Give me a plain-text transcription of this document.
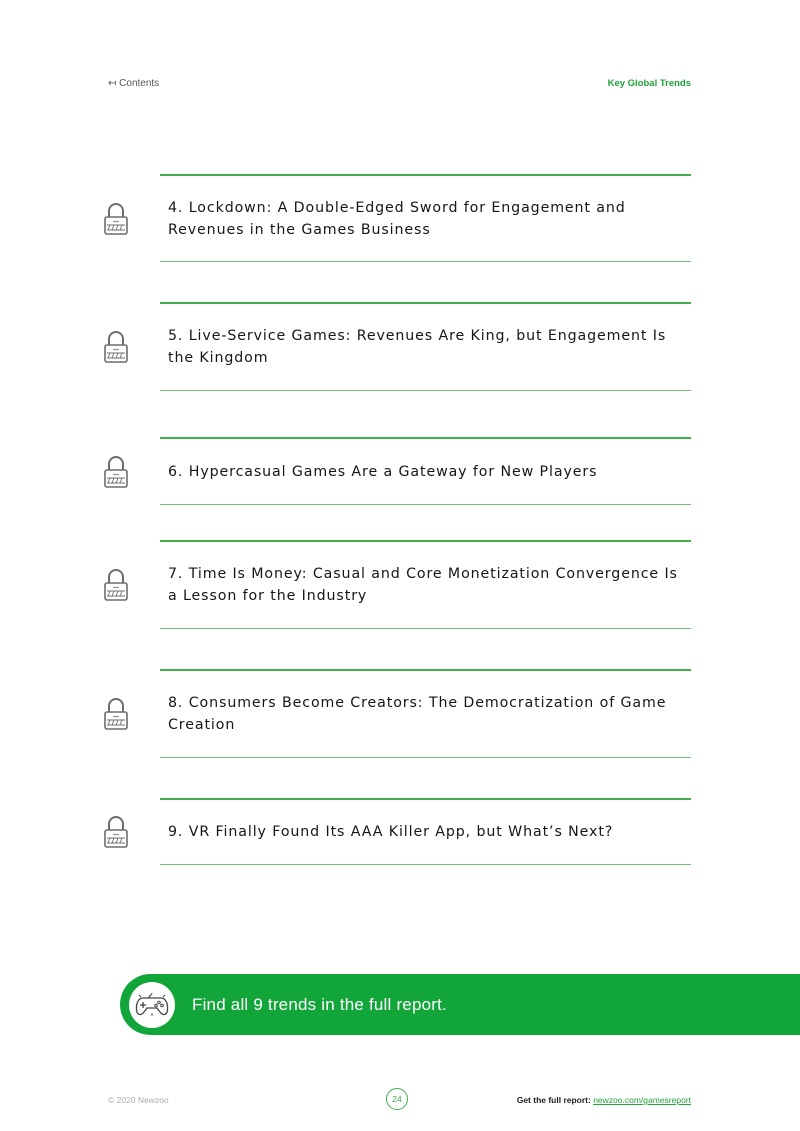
↤ Contents	Key Global Trends
4. Lockdown: A Double-Edged Sword for Engagement and Revenues in the Games Business
5. Live-Service Games: Revenues Are King, but Engagement Is the Kingdom
6. Hypercasual Games Are a Gateway for New Players
7. Time Is Money: Casual and Core Monetization Convergence Is a Lesson for the Industry
8. Consumers Become Creators: The Democratization of Game Creation
9. VR Finally Found Its AAA Killer App, but What’s Next?
Find all 9 trends in the full report.
© 2020 Newzoo	24	Get the full report: newzoo.com/gamesreport
